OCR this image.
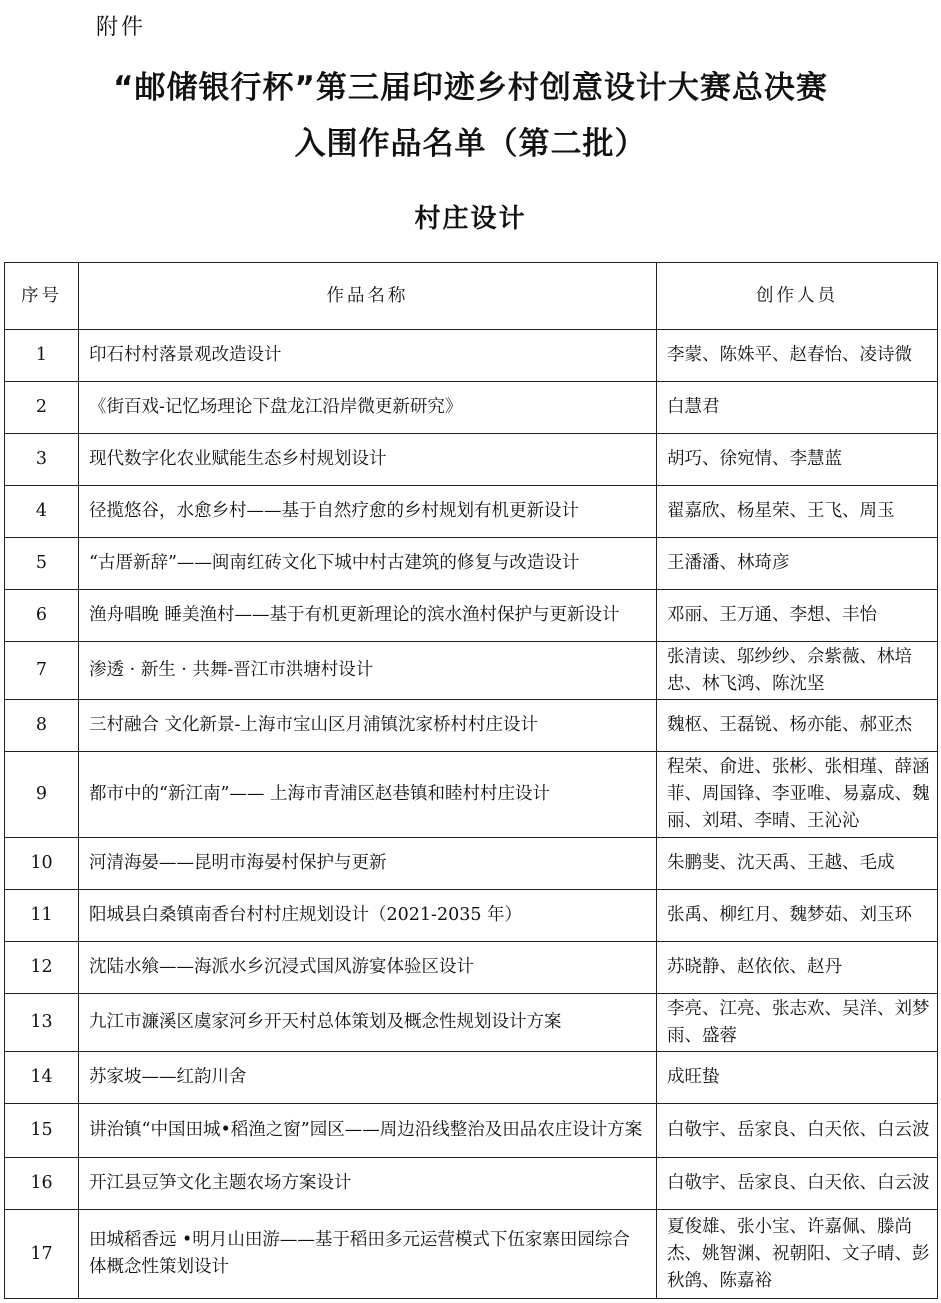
附件
“邮储银行杯”第三届印迹乡村创意设计大赛总决赛
入围作品名单（第二批）
村庄设计
序号	作品名称	创作人员
1	印石村村落景观改造设计	李蒙、陈姝平、赵春怡、凌诗微
2	《街百戏-记忆场理论下盘龙江沿岸微更新研究》	白慧君
3	现代数字化农业赋能生态乡村规划设计	胡巧、徐宛情、李慧蓝
4	径揽悠谷，水愈乡村——基于自然疗愈的乡村规划有机更新设计	翟嘉欣、杨星荣、王飞、周玉
5	“古厝新辞”——闽南红砖文化下城中村古建筑的修复与改造设计	王潘潘、林琦彦
6	渔舟唱晚 睡美渔村——基于有机更新理论的滨水渔村保护与更新设计	邓丽、王万通、李想、丰怡
7	渗透 · 新生 · 共舞-晋江市洪塘村设计	张清读、邬纱纱、佘紫薇、林培忠、林飞鸿、陈沈坚
8	三村融合 文化新景-上海市宝山区月浦镇沈家桥村村庄设计	魏枢、王磊锐、杨亦能、郝亚杰
9	都市中的“新江南”—— 上海市青浦区赵巷镇和睦村村庄设计	程荣、俞进、张彬、张相瑾、薛涵菲、周国锋、李亚唯、易嘉成、魏丽、刘珺、李晴、王沁沁
10	河清海晏——昆明市海晏村保护与更新	朱鹏斐、沈天禹、王越、毛成
11	阳城县白桑镇南香台村村庄规划设计（2021-2035 年）	张禹、柳红月、魏梦茹、刘玉环
12	沈陆水飨——海派水乡沉浸式国风游宴体验区设计	苏晓静、赵依依、赵丹
13	九江市濂溪区虞家河乡开天村总体策划及概念性规划设计方案	李亮、江亮、张志欢、吴洋、刘梦雨、盛蓉
14	苏家坡——红韵川舍	成旺蛰
15	讲治镇“中国田城•稻渔之窗”园区——周边沿线整治及田品农庄设计方案	白敬宇、岳家良、白天依、白云波
16	开江县豆笋文化主题农场方案设计	白敬宇、岳家良、白天依、白云波
17	田城稻香远 •明月山田游——基于稻田多元运营模式下伍家寨田园综合体概念性策划设计	夏俊雄、张小宝、许嘉佩、滕尚杰、姚智渊、祝朝阳、文子晴、彭秋鸽、陈嘉裕
